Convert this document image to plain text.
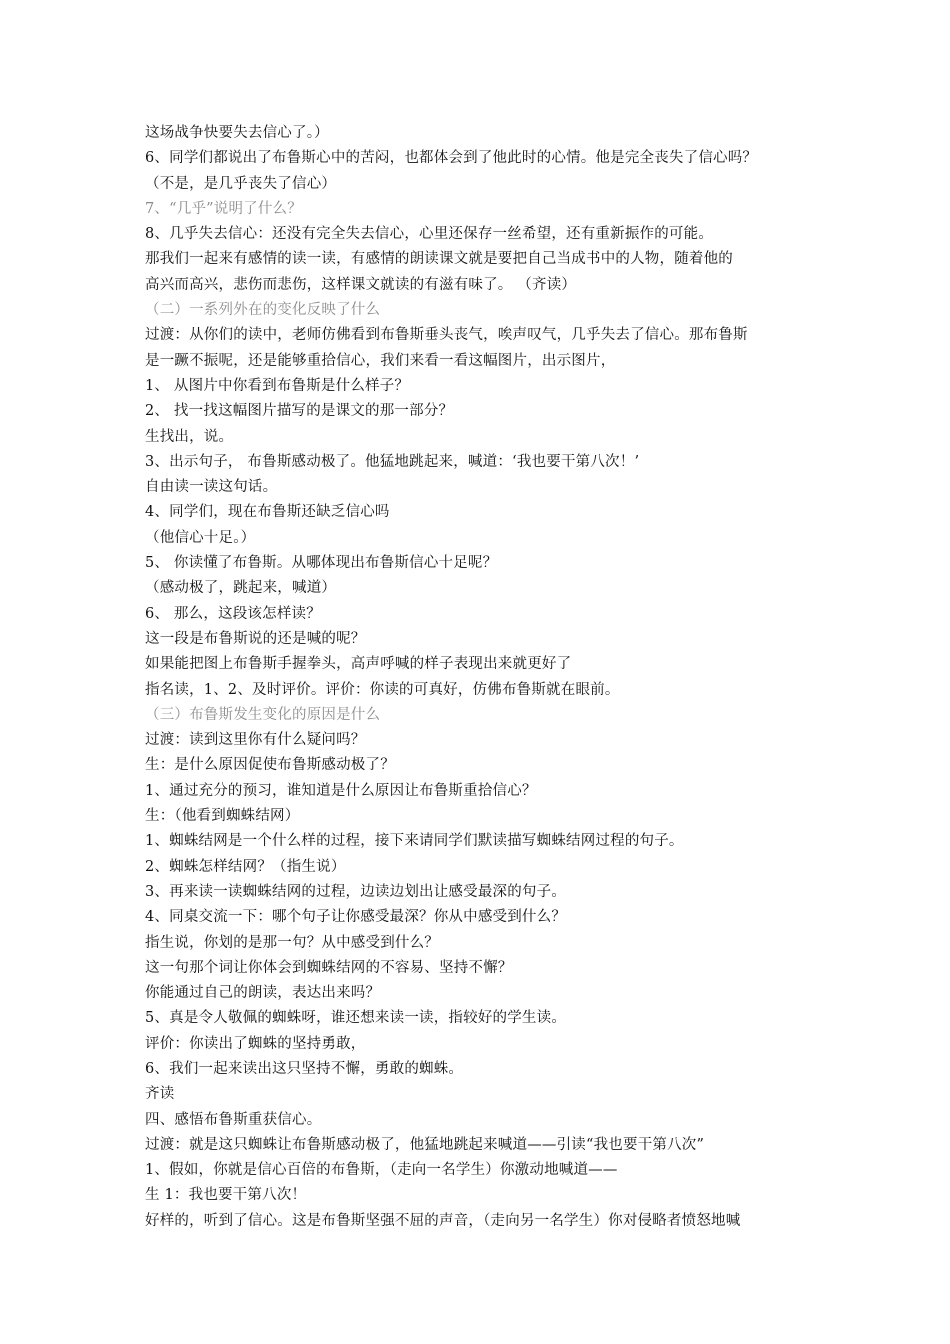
这场战争快要失去信心了。）
6、同学们都说出了布鲁斯心中的苦闷，也都体会到了他此时的心情。他是完全丧失了信心吗？
（不是，是几乎丧失了信心）
7、“几乎”说明了什么？
8、几乎失去信心：还没有完全失去信心，心里还保存一丝希望，还有重新振作的可能。
那我们一起来有感情的读一读，有感情的朗读课文就是要把自己当成书中的人物，随着他的
高兴而高兴，悲伤而悲伤，这样课文就读的有滋有味了。 （齐读）
（二）一系列外在的变化反映了什么
过渡：从你们的读中，老师仿佛看到布鲁斯垂头丧气，唉声叹气，几乎失去了信心。那布鲁斯
是一蹶不振呢，还是能够重拾信心，我们来看一看这幅图片，出示图片，
1、 从图片中你看到布鲁斯是什么样子？
2、 找一找这幅图片描写的是课文的那一部分？
生找出，说。
3、出示句子， 布鲁斯感动极了。他猛地跳起来，喊道：‘我也要干第八次！’
自由读一读这句话。
4、同学们，现在布鲁斯还缺乏信心吗
（他信心十足。）
5、 你读懂了布鲁斯。从哪体现出布鲁斯信心十足呢？
（感动极了，跳起来，喊道）
6、 那么，这段该怎样读？
这一段是布鲁斯说的还是喊的呢？
如果能把图上布鲁斯手握拳头，高声呼喊的样子表现出来就更好了
指名读，1、2、及时评价。评价：你读的可真好，仿佛布鲁斯就在眼前。
（三）布鲁斯发生变化的原因是什么
过渡：读到这里你有什么疑问吗？
生：是什么原因促使布鲁斯感动极了？
1、通过充分的预习，谁知道是什么原因让布鲁斯重拾信心？
生：（他看到蜘蛛结网）
1、蜘蛛结网是一个什么样的过程，接下来请同学们默读描写蜘蛛结网过程的句子。
2、蜘蛛怎样结网？（指生说）
3、再来读一读蜘蛛结网的过程，边读边划出让感受最深的句子。
4、同桌交流一下：哪个句子让你感受最深？你从中感受到什么？
指生说，你划的是那一句？从中感受到什么？
这一句那个词让你体会到蜘蛛结网的不容易、坚持不懈？
你能通过自己的朗读，表达出来吗？
5、真是令人敬佩的蜘蛛呀，谁还想来读一读，指较好的学生读。
评价：你读出了蜘蛛的坚持勇敢，
6、我们一起来读出这只坚持不懈，勇敢的蜘蛛。
齐读
四、感悟布鲁斯重获信心。
过渡：就是这只蜘蛛让布鲁斯感动极了，他猛地跳起来喊道——引读“我也要干第八次”
1、假如，你就是信心百倍的布鲁斯，（走向一名学生）你激动地喊道——
生 1：我也要干第八次！
好样的，听到了信心。这是布鲁斯坚强不屈的声音，（走向另一名学生）你对侵略者愤怒地喊
